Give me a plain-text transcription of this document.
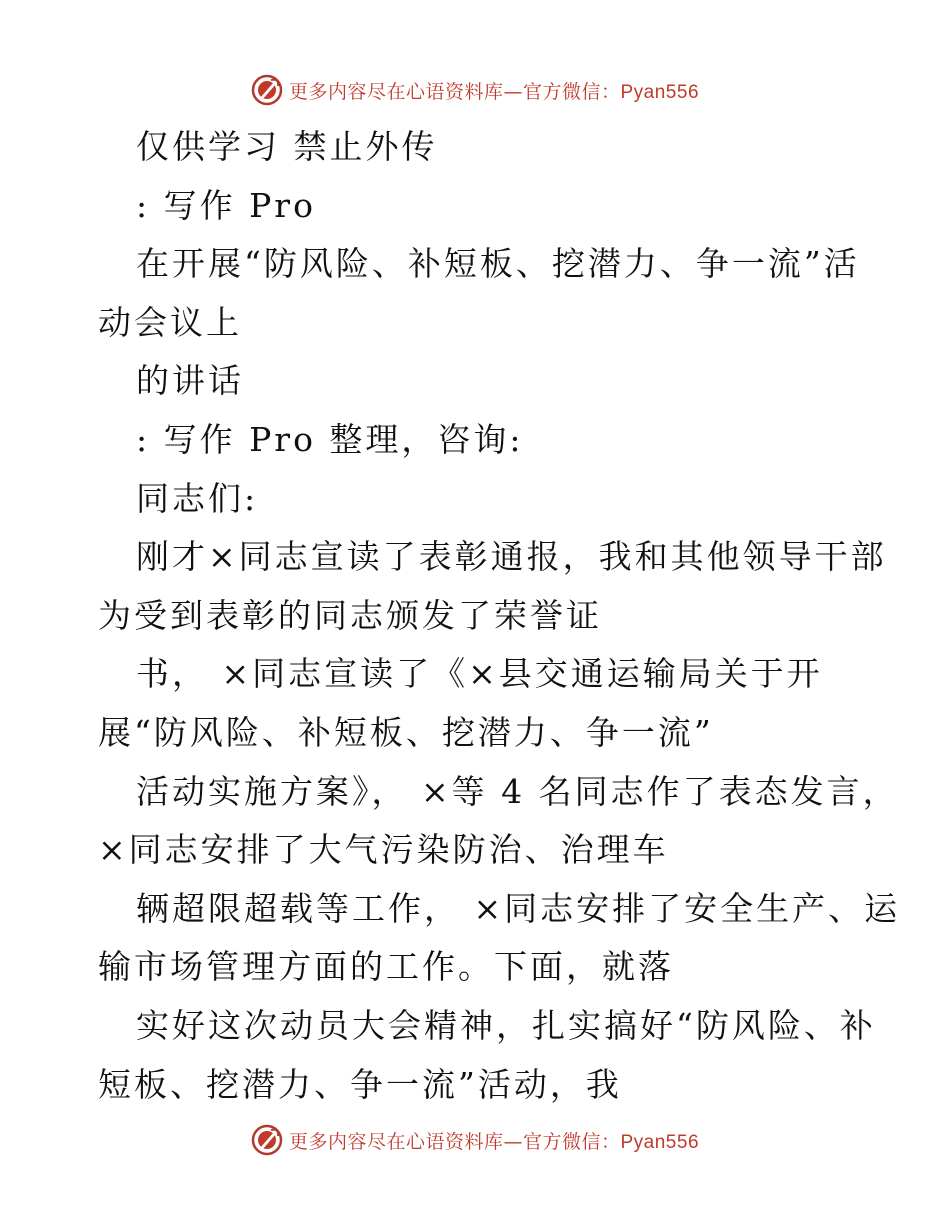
更多内容尽在心语资料库—官方微信：Pyan556
仅供学习 禁止外传
: 写作 Pro
在开展“防风险、补短板、挖潜力、争一流”活
动会议上
的讲话
: 写作 Pro 整理，咨询:
同志们:
刚才×同志宣读了表彰通报，我和其他领导干部
为受到表彰的同志颁发了荣誉证
书， ×同志宣读了《×县交通运输局关于开
展“防风险、补短板、挖潜力、争一流”
活动实施方案》， ×等 4 名同志作了表态发言，
×同志安排了大气污染防治、治理车
辆超限超载等工作， ×同志安排了安全生产、运
输市场管理方面的工作。下面，就落
实好这次动员大会精神，扎实搞好“防风险、补
短板、挖潜力、争一流”活动，我
更多内容尽在心语资料库—官方微信：Pyan556
